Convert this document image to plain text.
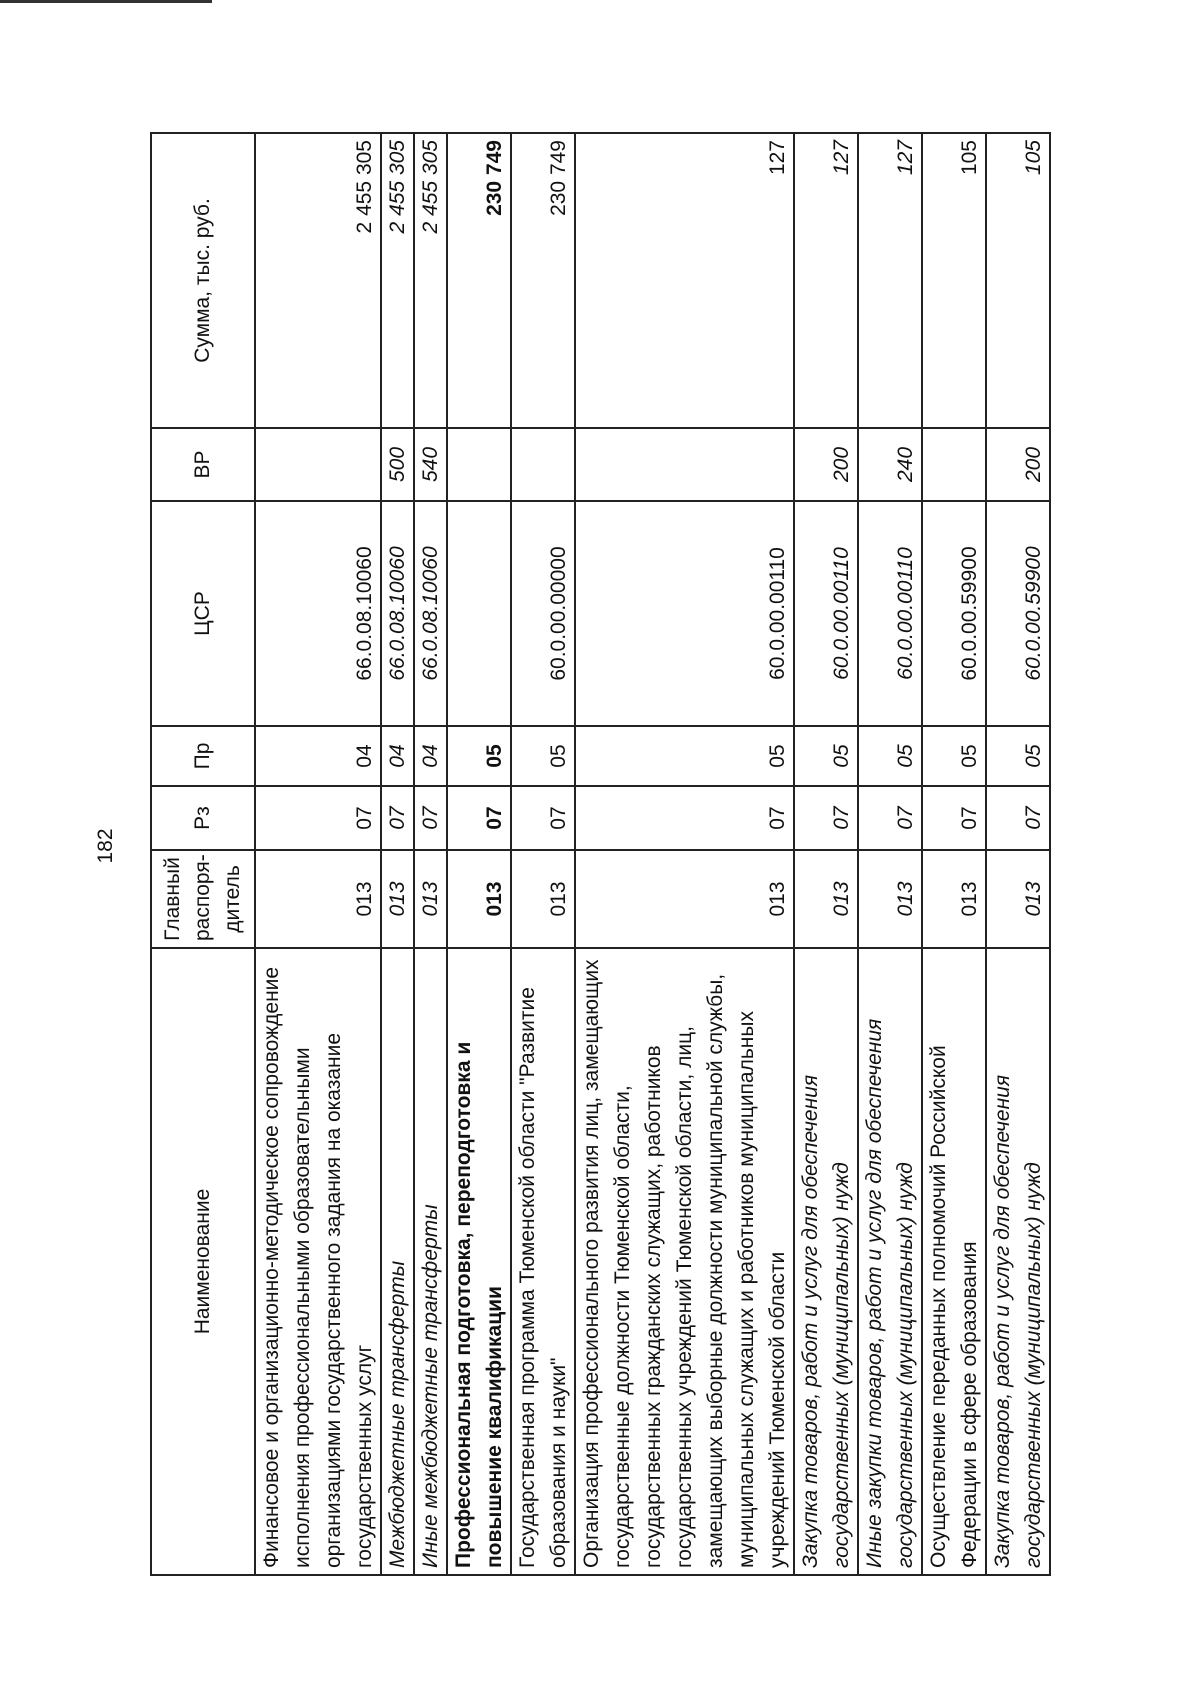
182
Наименование	Главный распоря-дитель	Рз	Пр	ЦСР	ВР	Сумма, тыс. руб.
Финансовое и организационно-методическое сопровождение исполнения профессиональными образовательными организациями государственного задания на оказание государственных услуг	013	07	04	66.0.08.10060		2 455 305
Межбюджетные трансферты	013	07	04	66.0.08.10060	500	2 455 305
Иные межбюджетные трансферты	013	07	04	66.0.08.10060	540	2 455 305
Профессиональная подготовка, переподготовка и повышение квалификации	013	07	05			230 749
Государственная программа Тюменской области "Развитие образования и науки"	013	07	05	60.0.00.00000		230 749
Организация профессионального развития лиц, замещающих государственные должности Тюменской области, государственных гражданских служащих, работников государственных учреждений Тюменской области, лиц, замещающих выборные должности муниципальной службы, муниципальных служащих и работников муниципальных учреждений Тюменской области	013	07	05	60.0.00.00110		127
Закупка товаров, работ и услуг для обеспечения государственных (муниципальных) нужд	013	07	05	60.0.00.00110	200	127
Иные закупки товаров, работ и услуг для обеспечения государственных (муниципальных) нужд	013	07	05	60.0.00.00110	240	127
Осуществление переданных полномочий Российской Федерации в сфере образования	013	07	05	60.0.00.59900		105
Закупка товаров, работ и услуг для обеспечения государственных (муниципальных) нужд	013	07	05	60.0.00.59900	200	105
